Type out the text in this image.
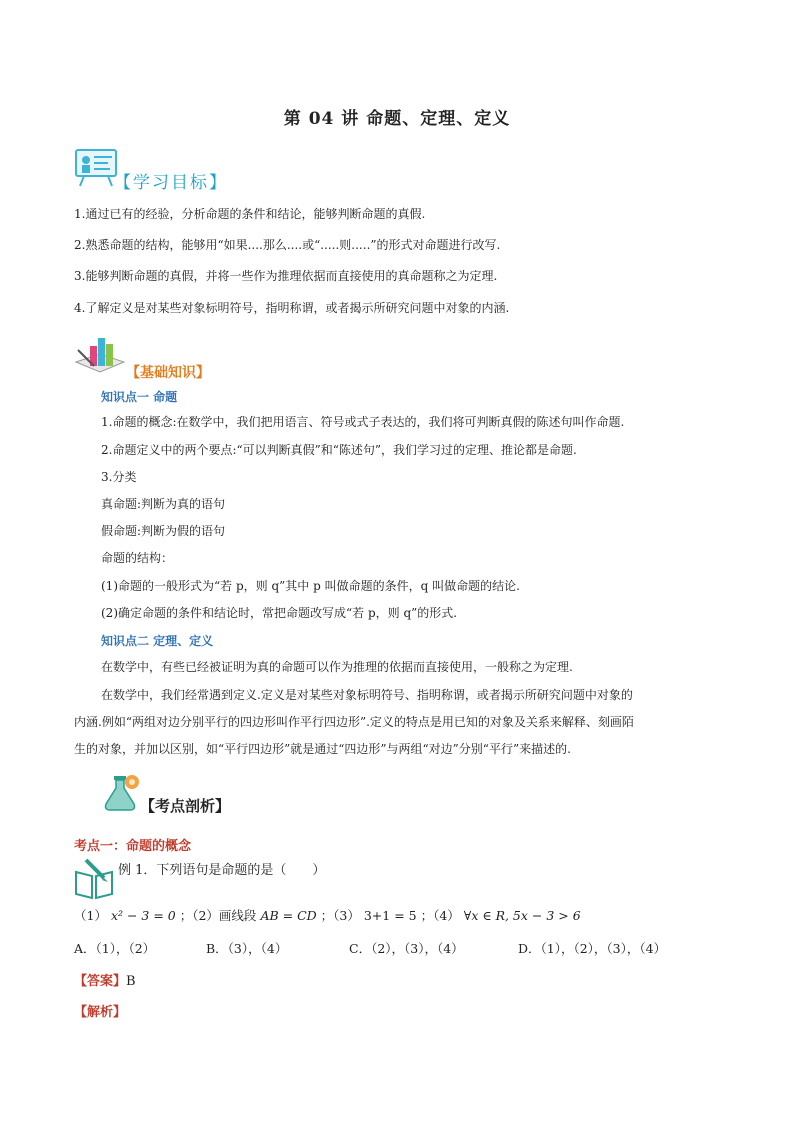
第 04 讲 命题、定理、定义
【学习目标】
1.通过已有的经验，分析命题的条件和结论，能够判断命题的真假.
2.熟悉命题的结构，能够用“如果....那么....或“.....则.....”的形式对命题进行改写.
3.能够判断命题的真假，并将一些作为推理依据而直接使用的真命题称之为定理.
4.了解定义是对某些对象标明符号，指明称谓，或者揭示所研究问题中对象的内涵.
【基础知识】
知识点一 命题
1.命题的概念:在数学中，我们把用语言、符号或式子表达的，我们将可判断真假的陈述句叫作命题.
2.命题定义中的两个要点:“可以判断真假”和“陈述句”，我们学习过的定理、推论都是命题.
3.分类
真命题:判断为真的语句
假命题:判断为假的语句
命题的结构：
(1)命题的一般形式为“若 p，则 q”其中 p 叫做命题的条件，q 叫做命题的结论.
(2)确定命题的条件和结论时，常把命题改写成“若 p，则 q”的形式.
知识点二 定理、定义
在数学中，有些已经被证明为真的命题可以作为推理的依据而直接使用，一般称之为定理.
在数学中，我们经常遇到定义.定义是对某些对象标明符号、指明称谓，或者揭示所研究问题中对象的
内涵.例如“两组对边分别平行的四边形叫作平行四边形”.定义的特点是用已知的对象及关系来解释、刻画陌
生的对象，并加以区别，如“平行四边形”就是通过“四边形”与两组“对边”分别“平行”来描述的.
【考点剖析】
考点一：命题的概念
例 1．下列语句是命题的是（　　）
（1） x² − 3 = 0 ；（2）画线段 AB = CD ；（3） 3+1 = 5 ；（4） ∀x ∈ R, 5x − 3 > 6
A．（1），（2）	B．（3），（4）	C．（2），（3），（4）	D．（1），（2），（3），（4）
【答案】B
【解析】
